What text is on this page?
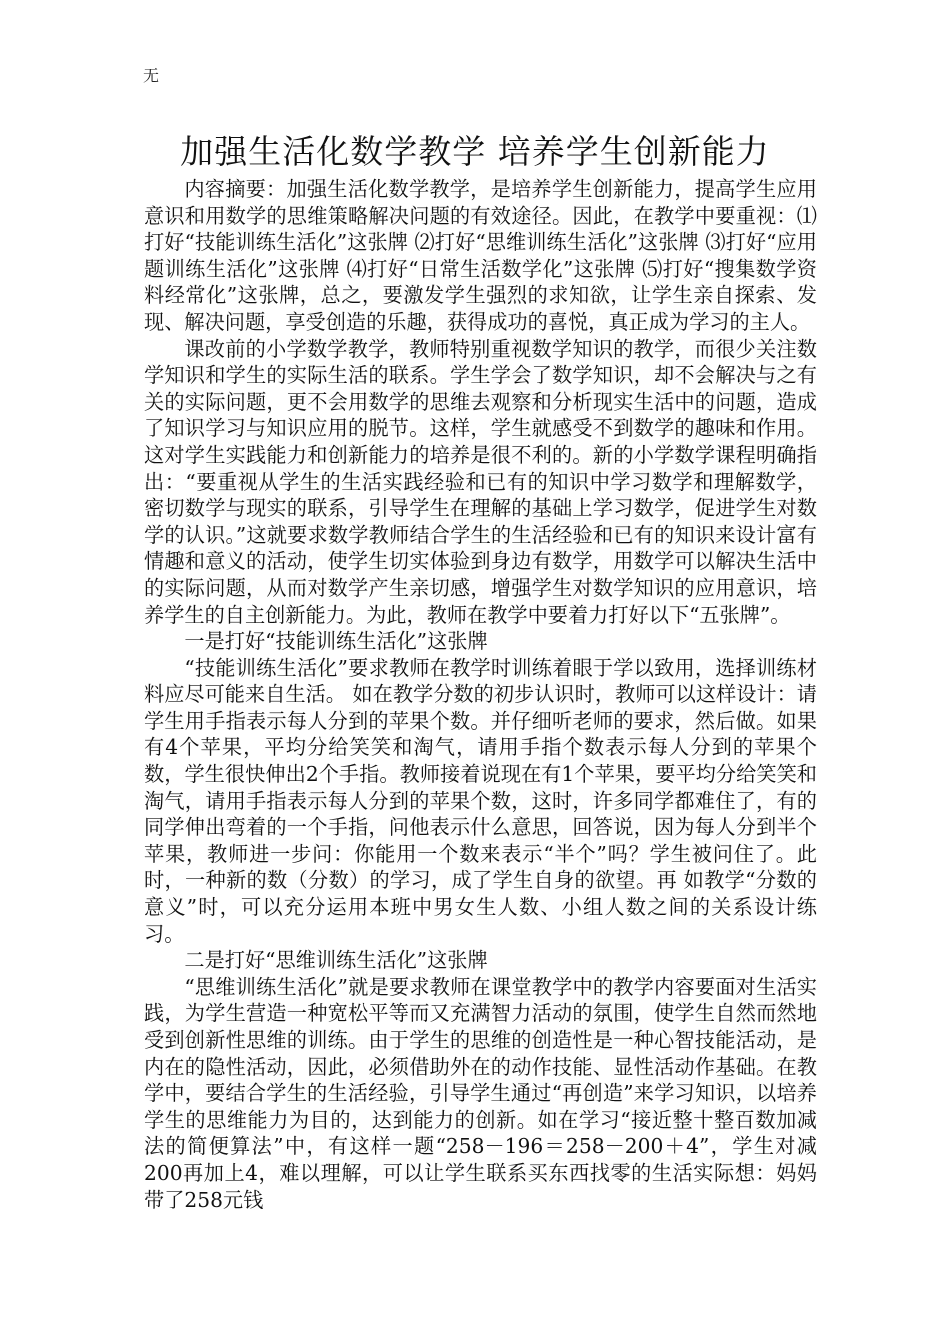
无
加强生活化数学教学 培养学生创新能力

内容摘要：加强生活化数学教学，是培养学生创新能力，提高学生应用意识和用数学的思维策略解决问题的有效途径。因此，在教学中要重视：⑴打好“技能训练生活化”这张牌 ⑵打好“思维训练生活化”这张牌 ⑶打好“应用题训练生活化”这张牌 ⑷打好“日常生活数学化”这张牌 ⑸打好“搜集数学资料经常化”这张牌，总之，要激发学生强烈的求知欲，让学生亲自探索、发现、解决问题，享受创造的乐趣，获得成功的喜悦，真正成为学习的主人。

课改前的小学数学教学，教师特别重视数学知识的教学，而很少关注数学知识和学生的实际生活的联系。学生学会了数学知识，却不会解决与之有关的实际问题，更不会用数学的思维去观察和分析现实生活中的问题，造成了知识学习与知识应用的脱节。这样，学生就感受不到数学的趣味和作用。这对学生实践能力和创新能力的培养是很不利的。新的小学数学课程明确指出：“要重视从学生的生活实践经验和已有的知识中学习数学和理解数学，密切数学与现实的联系，引导学生在理解的基础上学习数学，促进学生对数学的认识。”这就要求数学教师结合学生的生活经验和已有的知识来设计富有情趣和意义的活动，使学生切实体验到身边有数学，用数学可以解决生活中的实际问题，从而对数学产生亲切感，增强学生对数学知识的应用意识，培养学生的自主创新能力。为此，教师在教学中要着力打好以下“五张牌”。

一是打好“技能训练生活化”这张牌

“技能训练生活化”要求教师在教学时训练着眼于学以致用，选择训练材料应尽可能来自生活。 如在教学分数的初步认识时，教师可以这样设计：请学生用手指表示每人分到的苹果个数。并仔细听老师的要求，然后做。如果有4个苹果，平均分给笑笑和淘气，请用手指个数表示每人分到的苹果个数，学生很快伸出2个手指。教师接着说现在有1个苹果，要平均分给笑笑和淘气，请用手指表示每人分到的苹果个数，这时，许多同学都难住了，有的同学伸出弯着的一个手指，问他表示什么意思，回答说，因为每人分到半个苹果，教师进一步问：你能用一个数来表示“半个”吗？学生被问住了。此时，一种新的数（分数）的学习，成了学生自身的欲望。再 如教学“分数的意义”时，可以充分运用本班中男女生人数、小组人数之间的关系设计练习。

二是打好“思维训练生活化”这张牌

“思维训练生活化”就是要求教师在课堂教学中的教学内容要面对生活实践，为学生营造一种宽松平等而又充满智力活动的氛围，使学生自然而然地受到创新性思维的训练。由于学生的思维的创造性是一种心智技能活动，是内在的隐性活动，因此，必须借助外在的动作技能、显性活动作基础。在教学中，要结合学生的生活经验，引导学生通过“再创造”来学习知识，以培养学生的思维能力为目的，达到能力的创新。如在学习“接近整十整百数加减法的简便算法”中，有这样一题“258－196＝258－200＋4”，学生对减200再加上4，难以理解，可以让学生联系买东西找零的生活实际想：妈妈带了258元钱
